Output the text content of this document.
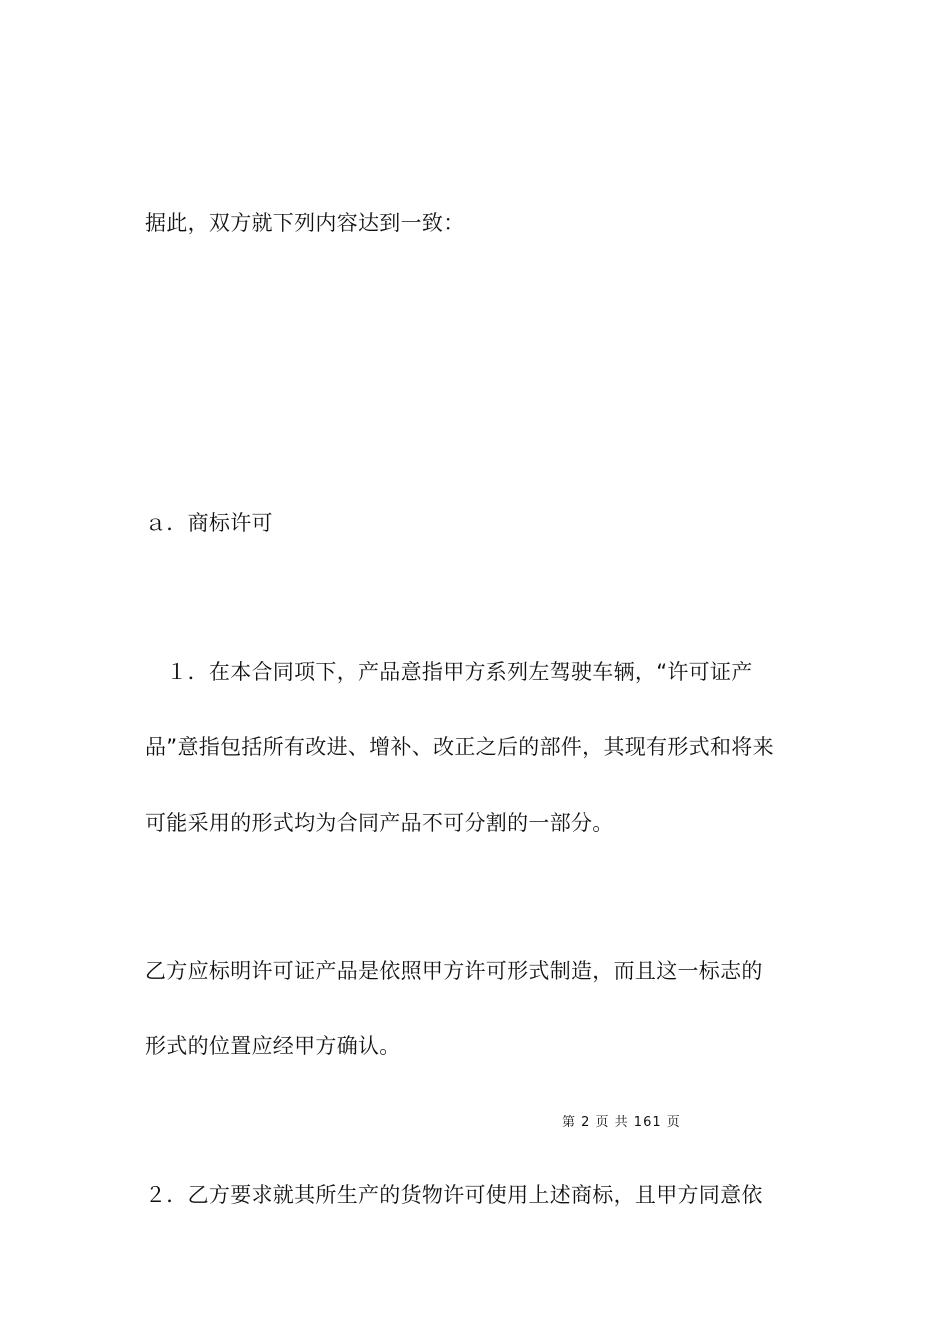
据此，双方就下列内容达到一致：
ａ．商标许可
　１．在本合同项下，产品意指甲方系列左驾驶车辆，“许可证产
品”意指包括所有改进、增补、改正之后的部件，其现有形式和将来
可能采用的形式均为合同产品不可分割的一部分。
乙方应标明许可证产品是依照甲方许可形式制造，而且这一标志的
形式的位置应经甲方确认。
第 2 页 共 161 页
２．乙方要求就其所生产的货物许可使用上述商标，且甲方同意依
